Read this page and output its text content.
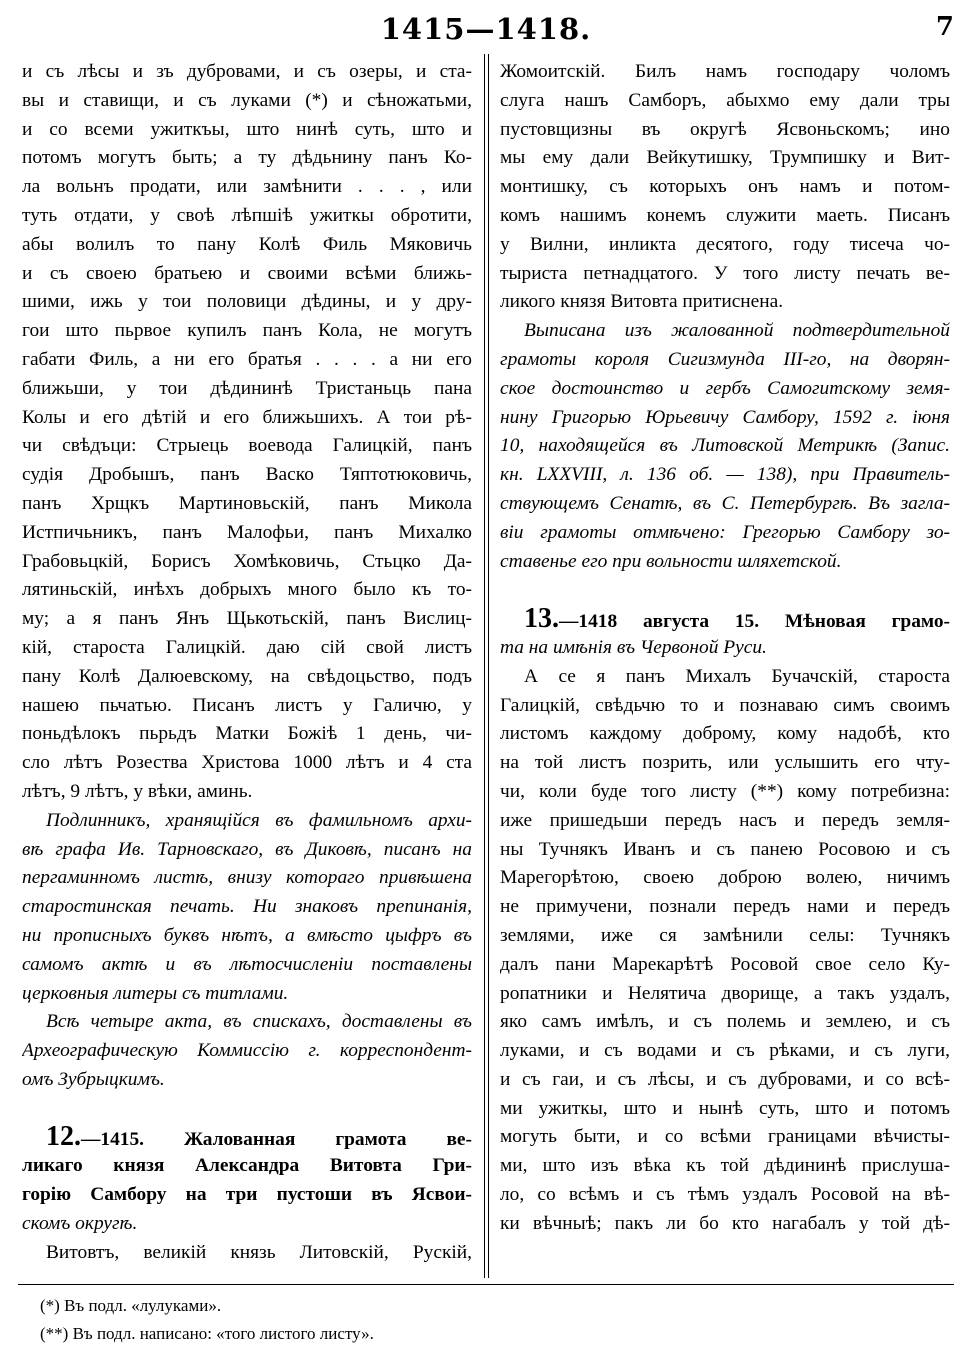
1415—1418.	7
и съ лѣсы и зъ дубровами, и съ озеры, и ста-
вы и ставищи, и съ луками (*) и сѣножатьми,
и со всеми ужиткъы, што нинѣ суть, што и
потомъ могутъ быть; а ту дѣдьнину панъ Ко-
ла вольнъ продати, или замѣнити . . . , или
туть отдати, у своѣ лѣпшіѣ ужиткы обротити,
абы волилъ то пану Колѣ Филь Мяковичь
и съ своею братьею и своими всѣми ближь-
шими, ижь у тои половици дѣдины, и у дру-
гои што пьрвое купилъ панъ Кола, не могутъ
габати Филь, а ни его братья . . . . а ни его
ближьши, у тои дѣдининѣ Тристаньць пана
Колы и его дѣтій и его ближьшихъ. А тои рѣ-
чи свѣдъци: Стрыець воевода Галицкій, панъ
судія Дробышъ, панъ Васко Тяптотюковичь,
панъ Хрщкъ Мартиновьскій, панъ Микола
Истпичьникъ, панъ Малофьи, панъ Михалко
Грабовьцкій, Борисъ Хомѣковичь, Стьцко Да-
лятиньскій, инѣхъ добрыхъ много было къ то-
му; а я панъ Янъ Щькотьскій, панъ Вислиц-
кій, староста Галицкій. даю сій свой листъ
пану Колѣ Далюевскому, на свѣдоцьство, подъ
нашею пьчатью. Писанъ листъ у Галичю, у
поньдѣлокъ пьрьдъ Матки Божіѣ 1 день, чи-
сло лѣтъ Розества Христова 1000 лѣтъ и 4 ста
лѣтъ, 9 лѣтъ, у вѣки, аминь.
Подлинникъ, хранящійся въ фамильномъ архи-
вѣ графа Ив. Тарновскаго, въ Диковѣ, писанъ на
пергаминномъ листѣ, внизу котораго привѣшена
старостинская печать. Ни знаковъ препинанія,
ни прописныхъ буквъ нѣтъ, а вмѣсто цыфръ въ
самомъ актѣ и въ лѣтосчисленіи поставлены
церковныя литеры съ титлами.
Всѣ четыре акта, въ спискахъ, доставлены въ
Археографическую Коммиссію г. корреспондент-
омъ Зубрыцкимъ.
12.—1415. Жалованная грамота ве-
ликаго князя Александра Витовта Гри-
горію Самбору на три пустоши въ Ясвои-
скомъ округѣ.
Витовтъ, великій князь Литовскій, Рускій,
Жомоитскій. Билъ намъ господару чоломъ
слуга нашъ Самборъ, абыхмо ему дали тры
пустовщизны въ округѣ Ясвоньскомъ; ино
мы ему дали Вейкутишку, Трумпишку и Вит-
монтишку, съ которыхъ онъ намъ и потом-
комъ нашимъ конемъ служити маеть. Писанъ
у Вилни, инликта десятого, году тисеча чо-
тыриста петнадцатого. У того листу печать ве-
ликого князя Витовта притиснена.
Выписана изъ жалованной подтвердительной
грамоты короля Сигизмунда III-го, на дворян-
ское достоинство и гербъ Самогитскому земя-
нину Григорью Юрьевичу Самбору, 1592 г. іюня
10, находящейся въ Литовской Метрикѣ (Запис.
кн. LXXVIII, л. 136 об. — 138), при Правитель-
ствующемъ Сенатѣ, въ С. Петербургѣ. Въ загла-
віи грамоты отмѣчено: Грегорью Самбору зо-
ставенье его при вольности шляхетской.
13.—1418 августа 15. Мѣновая грамо-
та на имѣнія въ Червоной Руси.
А се я панъ Михалъ Бучачскій, староста
Галицкій, свѣдьчю то и познаваю симъ своимъ
листомъ каждому доброму, кому надобѣ, кто
на той листъ позрить, или услышить его чту-
чи, коли буде того листу (**) кому потребизна:
иже пришедьши передъ насъ и передъ земля-
ны Тучнякъ Иванъ и съ панею Росовою и съ
Марегорѣтою, своею доброю волею, ничимъ
не примучени, познали передъ нами и передъ
землями, иже ся замѣнили селы: Тучнякъ
далъ пани Марекарѣтѣ Росовой свое село Ку-
ропатники и Нелятича дворище, а такъ уздалъ,
яко самъ имѣлъ, и съ полемь и землею, и съ
луками, и съ водами и съ рѣками, и съ луги,
и съ гаи, и съ лѣсы, и съ дубровами, и со всѣ-
ми ужиткы, што и нынѣ суть, што и потомъ
могуть быти, и со всѣми границами вѣчисты-
ми, што изъ вѣка къ той дѣдининѣ прислуша-
ло, со всѣмъ и съ тѣмъ уздалъ Росовой на вѣ-
ки вѣчныѣ; пакъ ли бо кто нагабалъ у той дѣ-
(*) Въ подл. «лулуками».
(**) Въ подл. написано: «того листого листу».
